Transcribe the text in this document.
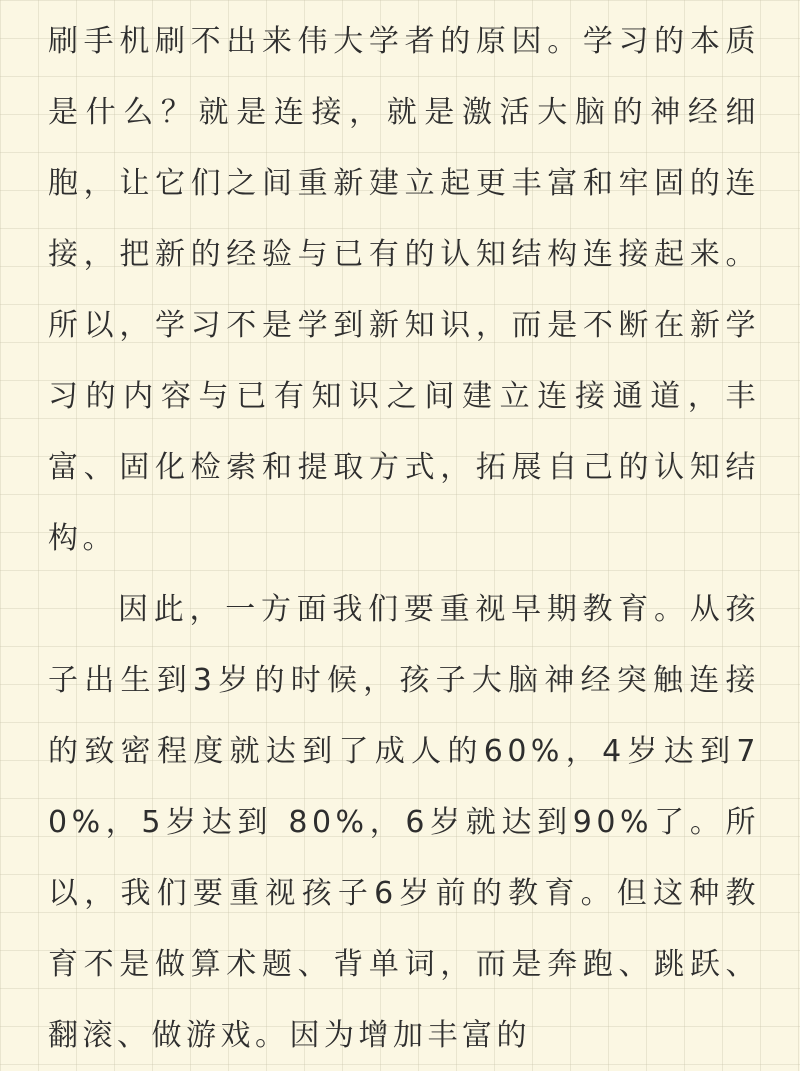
刷手机刷不出来伟大学者的原因。学习的本质是什么？就是连接，就是激活大脑的神经细胞，让它们之间重新建立起更丰富和牢固的连接，把新的经验与已有的认知结构连接起来。所以，学习不是学到新知识，而是不断在新学习的内容与已有知识之间建立连接通道，丰富、固化检索和提取方式，拓展自己的认知结构。

因此，一方面我们要重视早期教育。从孩子出生到3岁的时候，孩子大脑神经突触连接的致密程度就达到了成人的60%，4岁达到70%，5岁达到 80%，6岁就达到90%了。所以，我们要重视孩子6岁前的教育。但这种教育不是做算术题、背单词，而是奔跑、跳跃、翻滚、做游戏。因为增加丰富的
